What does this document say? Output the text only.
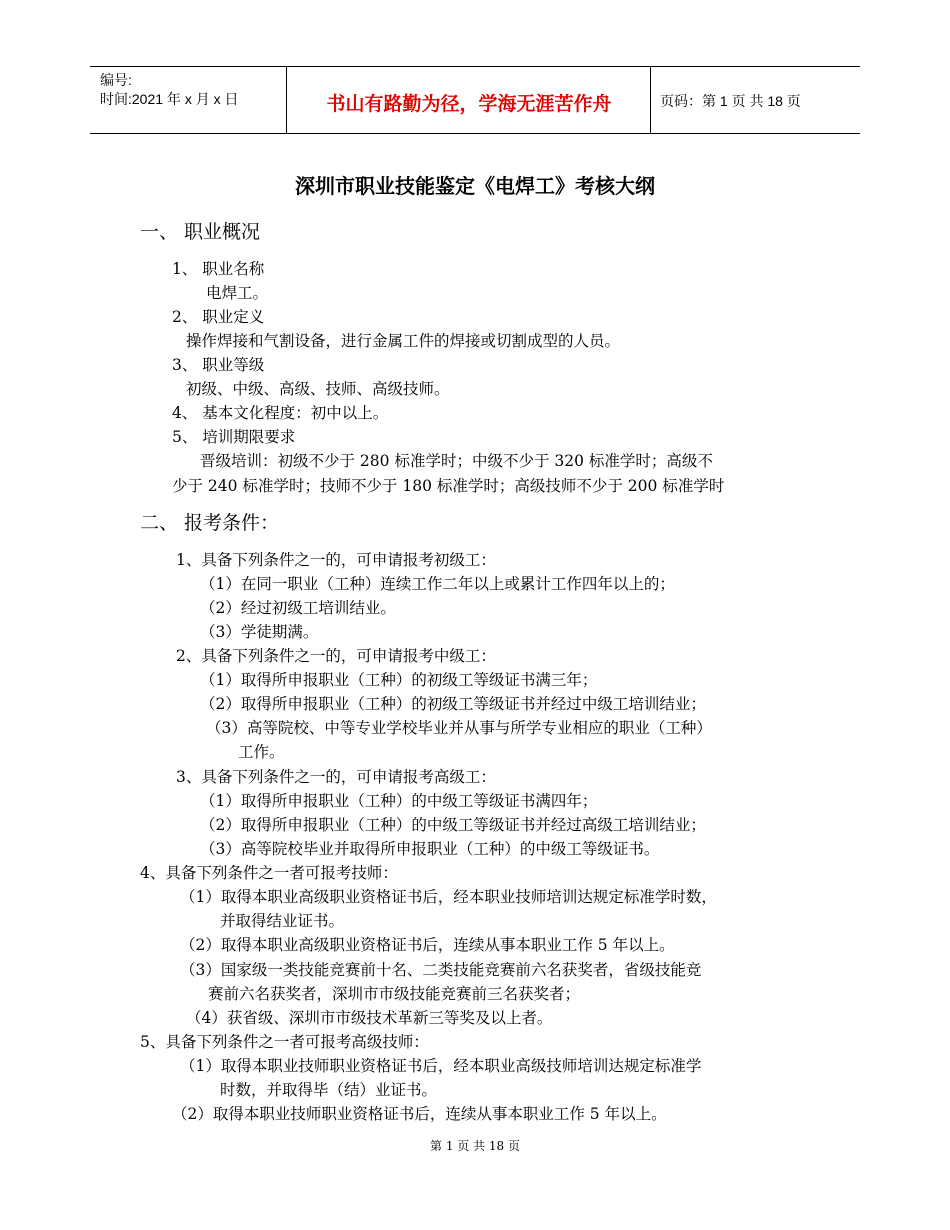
编号:
时间:2021 年 x 月 x 日	书山有路勤为径，学海无涯苦作舟	页码：第 1 页 共 18 页
深圳市职业技能鉴定《电焊工》考核大纲
一、 职业概况
1、 职业名称
电焊工。
2、 职业定义
操作焊接和气割设备，进行金属工件的焊接或切割成型的人员。
3、 职业等级
初级、中级、高级、技师、高级技师。
4、 基本文化程度：初中以上。
5、 培训期限要求
晋级培训：初级不少于 280 标准学时；中级不少于 320 标准学时；高级不
少于 240 标准学时；技师不少于 180 标准学时；高级技师不少于 200 标准学时
二、 报考条件：
1、具备下列条件之一的，可申请报考初级工：
（1）在同一职业（工种）连续工作二年以上或累计工作四年以上的；
（2）经过初级工培训结业。
（3）学徒期满。
2、具备下列条件之一的，可申请报考中级工：
（1）取得所申报职业（工种）的初级工等级证书满三年；
（2）取得所申报职业（工种）的初级工等级证书并经过中级工培训结业；
（3）高等院校、中等专业学校毕业并从事与所学专业相应的职业（工种）
工作。
3、具备下列条件之一的，可申请报考高级工：
（1）取得所申报职业（工种）的中级工等级证书满四年；
（2）取得所申报职业（工种）的中级工等级证书并经过高级工培训结业；
（3）高等院校毕业并取得所申报职业（工种）的中级工等级证书。
4、具备下列条件之一者可报考技师：
（1）取得本职业高级职业资格证书后，经本职业技师培训达规定标准学时数，
并取得结业证书。
（2）取得本职业高级职业资格证书后，连续从事本职业工作 5 年以上。
（3）国家级一类技能竞赛前十名、二类技能竞赛前六名获奖者，省级技能竞
赛前六名获奖者，深圳市市级技能竞赛前三名获奖者；
（4）获省级、深圳市市级技术革新三等奖及以上者。
5、具备下列条件之一者可报考高级技师：
（1）取得本职业技师职业资格证书后，经本职业高级技师培训达规定标准学
时数，并取得毕（结）业证书。
（2）取得本职业技师职业资格证书后，连续从事本职业工作 5 年以上。
第 1 页 共 18 页
